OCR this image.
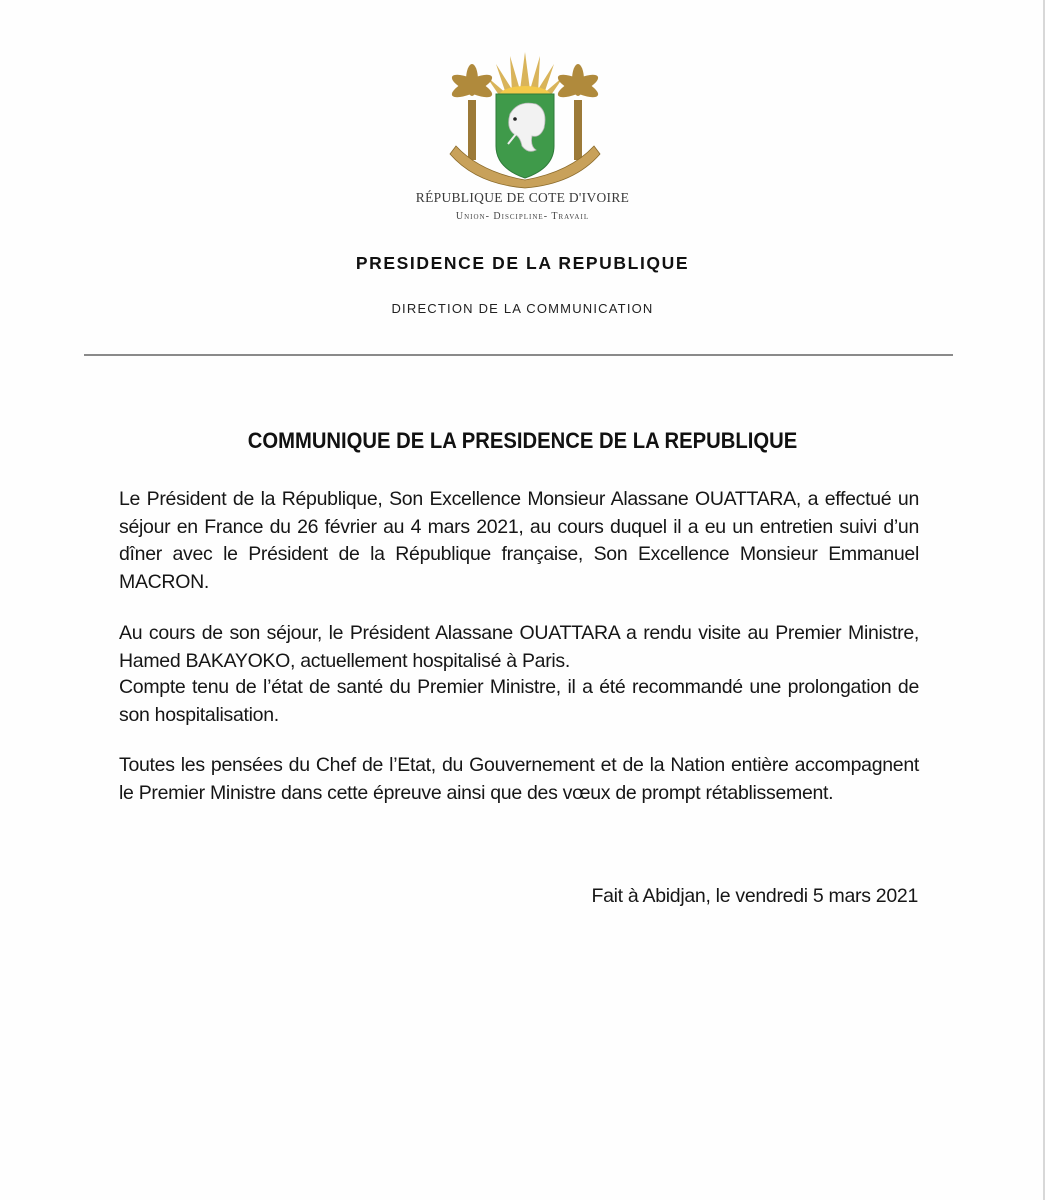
RÉPUBLIQUE DE COTE D'IVOIRE
Union- Discipline- Travail
PRESIDENCE DE LA REPUBLIQUE
DIRECTION DE LA COMMUNICATION
COMMUNIQUE DE LA PRESIDENCE DE LA REPUBLIQUE

Le Président de la République, Son Excellence Monsieur Alassane OUATTARA, a effectué un séjour en France du 26 février au 4 mars 2021, au cours duquel il a eu un entretien suivi d’un dîner avec le Président de la République française, Son Excellence Monsieur Emmanuel MACRON.

Au cours de son séjour, le Président Alassane OUATTARA a rendu visite au Premier Ministre, Hamed BAKAYOKO, actuellement hospitalisé à Paris.

Compte tenu de l’état de santé du Premier Ministre, il a été recommandé une prolongation de son hospitalisation.

Toutes les pensées du Chef de l’Etat, du Gouvernement et de la Nation entière accompagnent le Premier Ministre dans cette épreuve ainsi que des vœux de prompt rétablissement.

Fait à Abidjan, le vendredi 5 mars 2021
